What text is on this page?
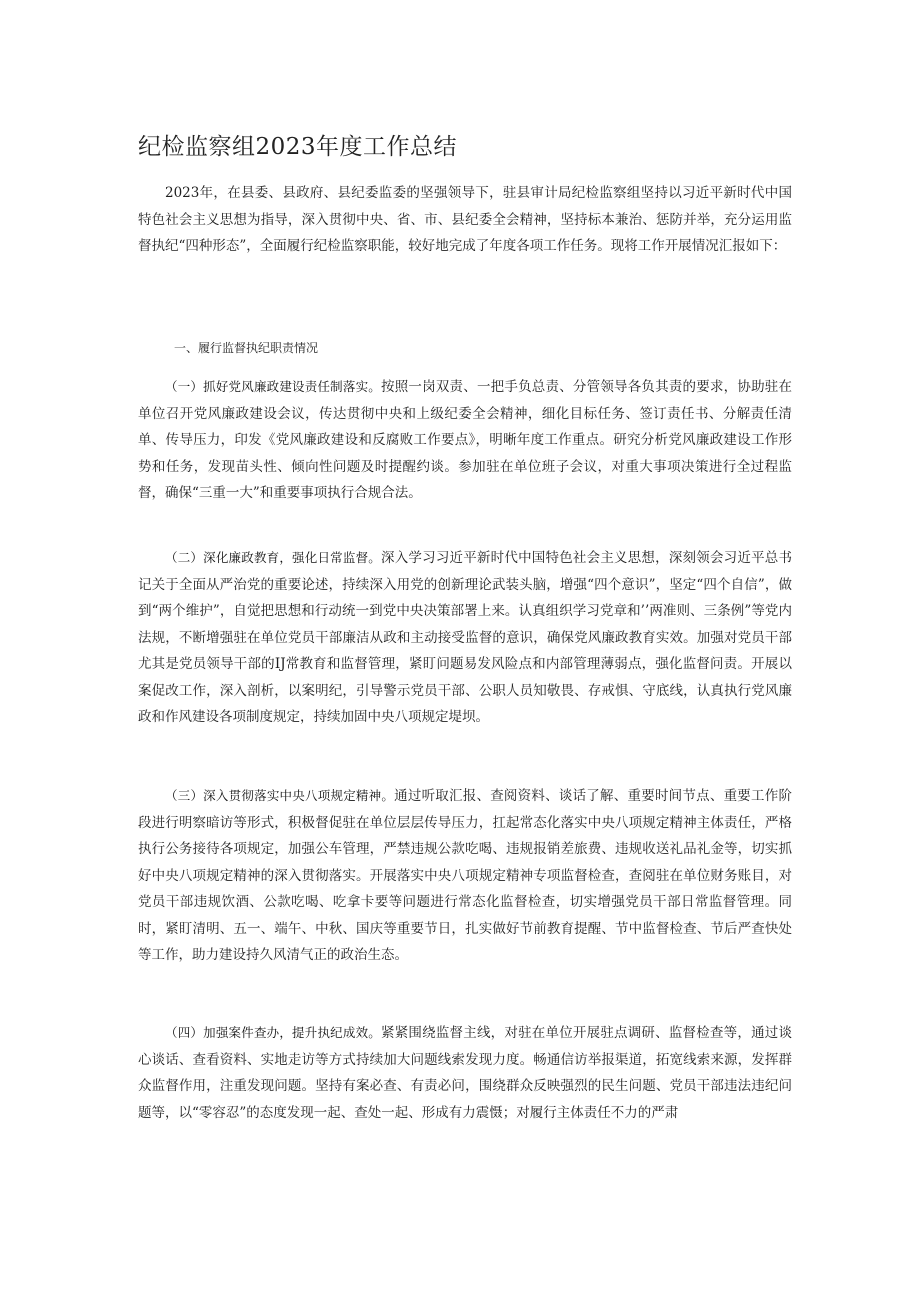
纪检监察组2023年度工作总结

2023年，在县委、县政府、县纪委监委的坚强领导下，驻县审计局纪检监察组坚持以习近平新时代中国特色社会主义思想为指导，深入贯彻中央、省、市、县纪委全会精神，坚持标本兼治、惩防并举，充分运用监督执纪“四种形态”，全面履行纪检监察职能，较好地完成了年度各项工作任务。现将工作开展情况汇报如下：

一、履行监督执纪职责情况

（一）抓好党风廉政建设责任制落实。按照一岗双责、一把手负总责、分管领导各负其责的要求，协助驻在单位召开党风廉政建设会议，传达贯彻中央和上级纪委全会精神，细化目标任务、签订责任书、分解责任清单、传导压力，印发《党风廉政建设和反腐败工作要点》，明晰年度工作重点。研究分析党风廉政建设工作形势和任务，发现苗头性、倾向性问题及时提醒约谈。参加驻在单位班子会议，对重大事项决策进行全过程监督，确保“三重一大”和重要事项执行合规合法。

（二）深化廉政教育，强化日常监督。深入学习习近平新时代中国特色社会主义思想，深刻领会习近平总书记关于全面从严治党的重要论述，持续深入用党的创新理论武装头脑，增强“四个意识”，坚定“四个自信”，做到“两个维护”，自觉把思想和行动统一到党中央决策部署上来。认真组织学习党章和’’两准则、三条例”等党内法规，不断增强驻在单位党员干部廉洁从政和主动接受监督的意识，确保党风廉政教育实效。加强对党员干部尤其是党员领导干部的IJ常教育和监督管理，紧盯问题易发风险点和内部管理薄弱点，强化监督问责。开展以案促改工作，深入剖析，以案明纪，引导警示党员干部、公职人员知敬畏、存戒惧、守底线，认真执行党风廉政和作风建设各项制度规定，持续加固中央八项规定堤坝。

（三）深入贯彻落实中央八项规定精神。通过听取汇报、查阅资料、谈话了解、重要时间节点、重要工作阶段进行明察暗访等形式，积极督促驻在单位层层传导压力，扛起常态化落实中央八项规定精神主体责任，严格执行公务接待各项规定，加强公车管理，严禁违规公款吃喝、违规报销差旅费、违规收送礼品礼金等，切实抓好中央八项规定精神的深入贯彻落实。开展落实中央八项规定精神专项监督检查，查阅驻在单位财务账目，对党员干部违规饮酒、公款吃喝、吃拿卡要等问题进行常态化监督检查，切实增强党员干部日常监督管理。同时，紧盯清明、五一、端午、中秋、国庆等重要节日，扎实做好节前教育提醒、节中监督检查、节后严查快处等工作，助力建设持久风清气正的政治生态。

（四）加强案件查办，提升执纪成效。紧紧围绕监督主线，对驻在单位开展驻点调研、监督检查等，通过谈心谈话、查看资料、实地走访等方式持续加大问题线索发现力度。畅通信访举报渠道，拓宽线索来源，发挥群众监督作用，注重发现问题。坚持有案必查、有责必问，围绕群众反映强烈的民生问题、党员干部违法违纪问题等，以“零容忍”的态度发现一起、查处一起、形成有力震慑；对履行主体责任不力的严肃
